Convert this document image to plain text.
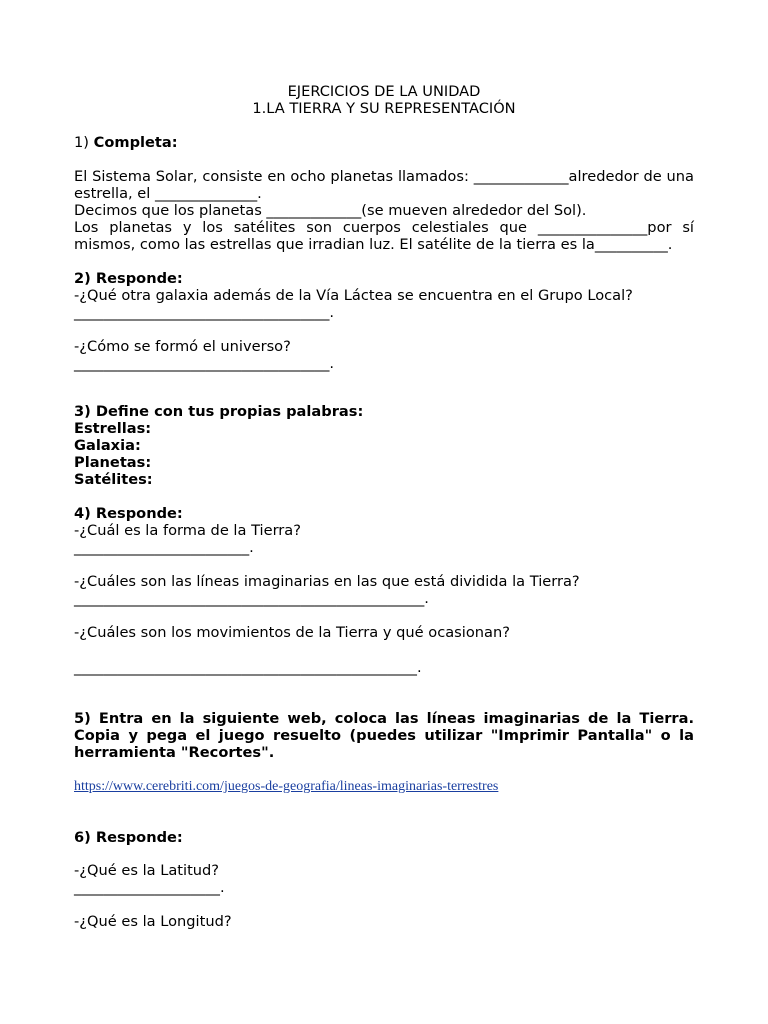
EJERCICIOS DE LA UNIDAD

1.LA TIERRA Y SU REPRESENTACIÓN

1) Completa:

El Sistema Solar, consiste en ocho planetas llamados: _____________alrededor de una estrella, el ______________.

Decimos que los planetas _____________(se mueven alrededor del Sol).

Los planetas y los satélites son cuerpos celestiales que _______________por sí mismos, como las estrellas que irradian luz. El satélite de la tierra es la__________.

2) Responde:

-¿Qué otra galaxia además de la Vía Láctea se encuentra en el Grupo Local?

___________________________________.

-¿Cómo se formó el universo?

___________________________________.

3) Define con tus propias palabras:

Estrellas:

Galaxia:

Planetas:

Satélites:

4) Responde:

-¿Cuál es la forma de la Tierra?

________________________.

-¿Cuáles son las líneas imaginarias en las que está dividida la Tierra?

________________________________________________.

-¿Cuáles son los movimientos de la Tierra y qué ocasionan?

_______________________________________________.

5) Entra en la siguiente web, coloca las líneas imaginarias de la Tierra. Copia y pega el juego resuelto (puedes utilizar "Imprimir Pantalla" o la herramienta "Recortes".

https://www.cerebriti.com/juegos-de-geografia/lineas-imaginarias-terrestres

6) Responde:

-¿Qué es la Latitud?

____________________.

-¿Qué es la Longitud?
